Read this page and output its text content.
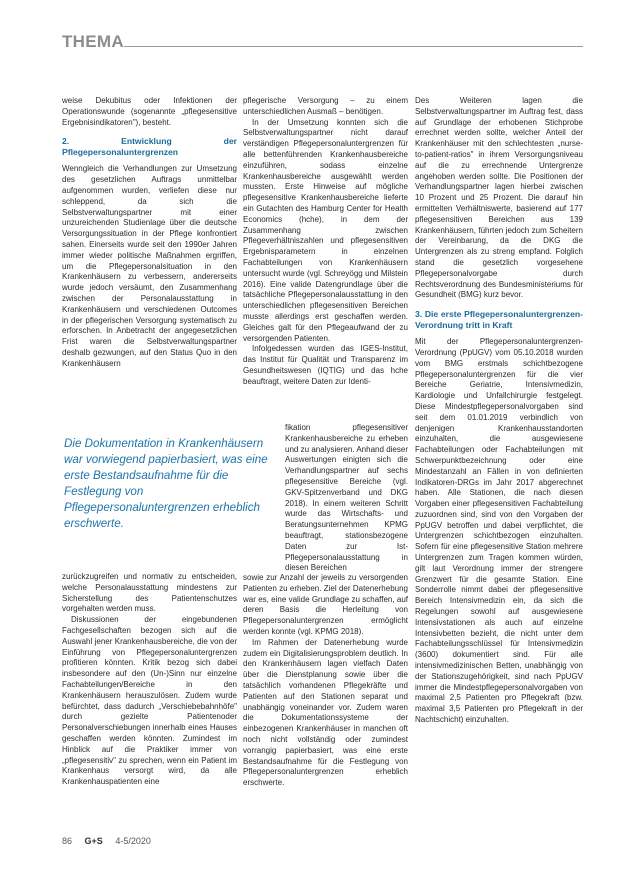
THEMA

weise Dekubitus oder Infektionen der Operationswunde (sogenannte „pflegesensitive Ergebnisindikatoren"), besteht.

2. Entwicklung der Pflegepersonaluntergrenzen

Wenngleich die Verhandlungen zur Umsetzung des gesetzlichen Auftrags unmittelbar aufgenommen wurden, verliefen diese nur schleppend, da sich die Selbstverwaltungspartner mit einer unzureichenden Studienlage über die deutsche Versorgungssituation in der Pflege konfrontiert sahen. Einerseits wurde seit den 1990er Jahren immer wieder politische Maßnahmen ergriffen, um die Pflegepersonalsituation in den Krankenhäusern zu verbessern, andererseits wurde jedoch versäumt, den Zusammenhang zwischen der Personalausstattung in Krankenhäusern und verschiedenen Outcomes in der pflegerischen Versorgung systematisch zu erforschen. In Anbetracht der angegesetzlichen Frist waren die Selbstverwaltungspartner deshalb gezwungen, auf den Status Quo in den Krankenhäusern

Die Dokumentation in Krankenhäusern war vorwiegend papierbasiert, was eine erste Bestandsaufnahme für die Festlegung von Pflegepersonaluntergrenzen erheblich erschwerte.

zurückzugreifen und normativ zu entscheiden, welche Personalausstattung mindestens zur Sicherstellung des Patientenschutzes vorgehalten werden muss.

Diskussionen der eingebundenen Fachgesellschaften bezogen sich auf die Auswahl jener Krankenhausbereiche, die von der Einführung von Pflegepersonaluntergrenzen profitieren könnten. Kritik bezog sich dabei insbesondere auf den (Un-)Sinn nur einzelne Fachabteilungen/Bereiche in den Krankenhäusern herauszulösen. Zudem wurde befürchtet, dass dadurch „Verschiebebahnhöfe" durch gezielte Patientenoder Personalverschiebungen innerhalb eines Hauses geschaffen werden könnten. Zumindest im Hinblick auf die Praktiker immer von „pflegesensitiv" zu sprechen, wenn ein Patient im Krankenhaus versorgt wird, da alle Krankenhauspatienten eine

pflegerische Versorgung – zu einem unterschiedlichen Ausmaß – benötigen.

In der Umsetzung konnten sich die Selbstverwaltungspartner nicht darauf verständigen Pflegepersonaluntergrenzen für alle bettenführenden Krankenhausbereiche einzuführen, sodass einzelne Krankenhausbereiche ausgewählt werden mussten. Erste Hinweise auf mögliche pflegesensitive Krankenhausbereiche lieferte ein Gutachten des Hamburg Center for Health Economics (hche), in dem der Zusammenhang zwischen Pflegeverhältniszahlen und pflegesensitiven Ergebnisparametern in einzelnen Fachabteilungen von Krankenhäusern untersucht wurde (vgl. Schreyögg und Milstein 2016). Eine valide Datengrundlage über die tatsächliche Pflegepersonalausstattung in den unterschiedlichen pflegesensitiven Bereichen musste allerdings erst geschaffen werden. Gleiches galt für den Pflegeaufwand der zu versorgenden Patienten.

Infolgedessen wurden das IGES-Institut, das Institut für Qualität und Transparenz im Gesundheitswesen (IQTIG) und das hche beauftragt, weitere Daten zur Identi-

fikation pflegesensitiver Krankenhausbereiche zu erheben und zu analysieren. Anhand dieser Auswertungen einigten sich die Verhandlungspartner auf sechs pflegesensitive Bereiche (vgl. GKV-Spitzenverband und DKG 2018). In einem weiteren Schritt wurde das Wirtschafts- und Beratungsunternehmen KPMG beauftragt, stationsbezogene Daten zur Ist-Pflegepersonalausstattung in diesen Bereichen

sowie zur Anzahl der jeweils zu versorgenden Patienten zu erheben. Ziel der Datenerhebung war es, eine valide Grundlage zu schaffen, auf deren Basis die Herleitung von Pflegepersonaluntergrenzen ermöglicht werden konnte (vgl. KPMG 2018).

Im Rahmen der Datenerhebung wurde zudem ein Digitalisierungsproblem deutlich. In den Krankenhäusern lagen vielfach Daten über die Dienstplanung sowie über die tatsächlich vorhandenen Pflegekräfte und Patienten auf den Stationen separat und unabhängig voneinander vor. Zudem waren die Dokumentationssysteme der einbezogenen Krankenhäuser in manchen oft noch nicht vollständig oder zumindest vorrangig papierbasiert, was eine erste Bestandsaufnahme für die Festlegung von Pflegepersonaluntergrenzen erheblich erschwerte.

Des Weiteren lagen die Selbstverwaltungspartner im Auftrag fest, dass auf Grundlage der erhobenen Stichprobe errechnet werden sollte, welcher Anteil der Krankenhäuser mit den schlechtesten „nurse-to-patient-ratios" in ihrem Versorgungsniveau auf die zu errechnende Untergrenze angehoben werden sollte. Die Positionen der Verhandlungspartner lagen hierbei zwischen 10 Prozent und 25 Prozent. Die darauf hin ermittelten Verhältniswerte, basierend auf 177 pflegesensitiven Bereichen aus 139 Krankenhäusern, führten jedoch zum Scheitern der Vereinbarung, da die DKG die Untergrenzen als zu streng empfand. Folglich stand die gesetzlich vorgesehene Pflegepersonalvorgabe durch Rechtsverordnung des Bundesministeriums für Gesundheit (BMG) kurz bevor.

3. Die erste Pflegepersonaluntergrenzen-Verordnung tritt in Kraft

Mit der Pflegepersonaluntergrenzen-Verordnung (PpUGV) vom 05.10.2018 wurden vom BMG erstmals schichtbezogene Pflegepersonaluntergrenzen für die vier Bereiche Geriatrie, Intensivmedizin, Kardiologie und Unfallchirurgie festgelegt. Diese Mindestpflegepersonalvorgaben sind seit dem 01.01.2019 verbindlich von denjenigen Krankenhausstandorten einzuhalten, die ausgewiesene Fachabteilungen oder Fachabteilungen mit Schwerpunktbezeichnung oder eine Mindestanzahl an Fällen in von definierten Indikatoren-DRGs im Jahr 2017 abgerechnet haben. Alle Stationen, die nach diesen Vorgaben einer pflegesensitiven Fachabteilung zuzuordnen sind, sind von den Vorgaben der PpUGV betroffen und dabei verpflichtet, die Untergrenzen schichtbezogen einzuhalten. Sofern für eine pflegesensitive Station mehrere Untergrenzen zum Tragen kommen würden, gilt laut Verordnung immer der strengere Grenzwert für die gesamte Station. Eine Sonderrolle nimmt dabei der pflegesensitive Bereich Intensivmedizin ein, da sich die Regelungen sowohl auf ausgewiesene Intensivstationen als auch auf einzelne Intensivbetten bezieht, die nicht unter dem Fachabteilungsschlüssel für Intensivmedizin (3600) dokumentiert sind. Für alle intensivmedizinischen Betten, unabhängig von der Stationszugehörigkeit, sind nach PpUGV immer die Mindestpflegepersonalvorgaben von maximal 2,5 Patienten pro Pflegekraft (bzw. maximal 3,5 Patienten pro Pflegekraft in der Nachtschicht) einzuhalten.

86 G+S 4-5/2020
